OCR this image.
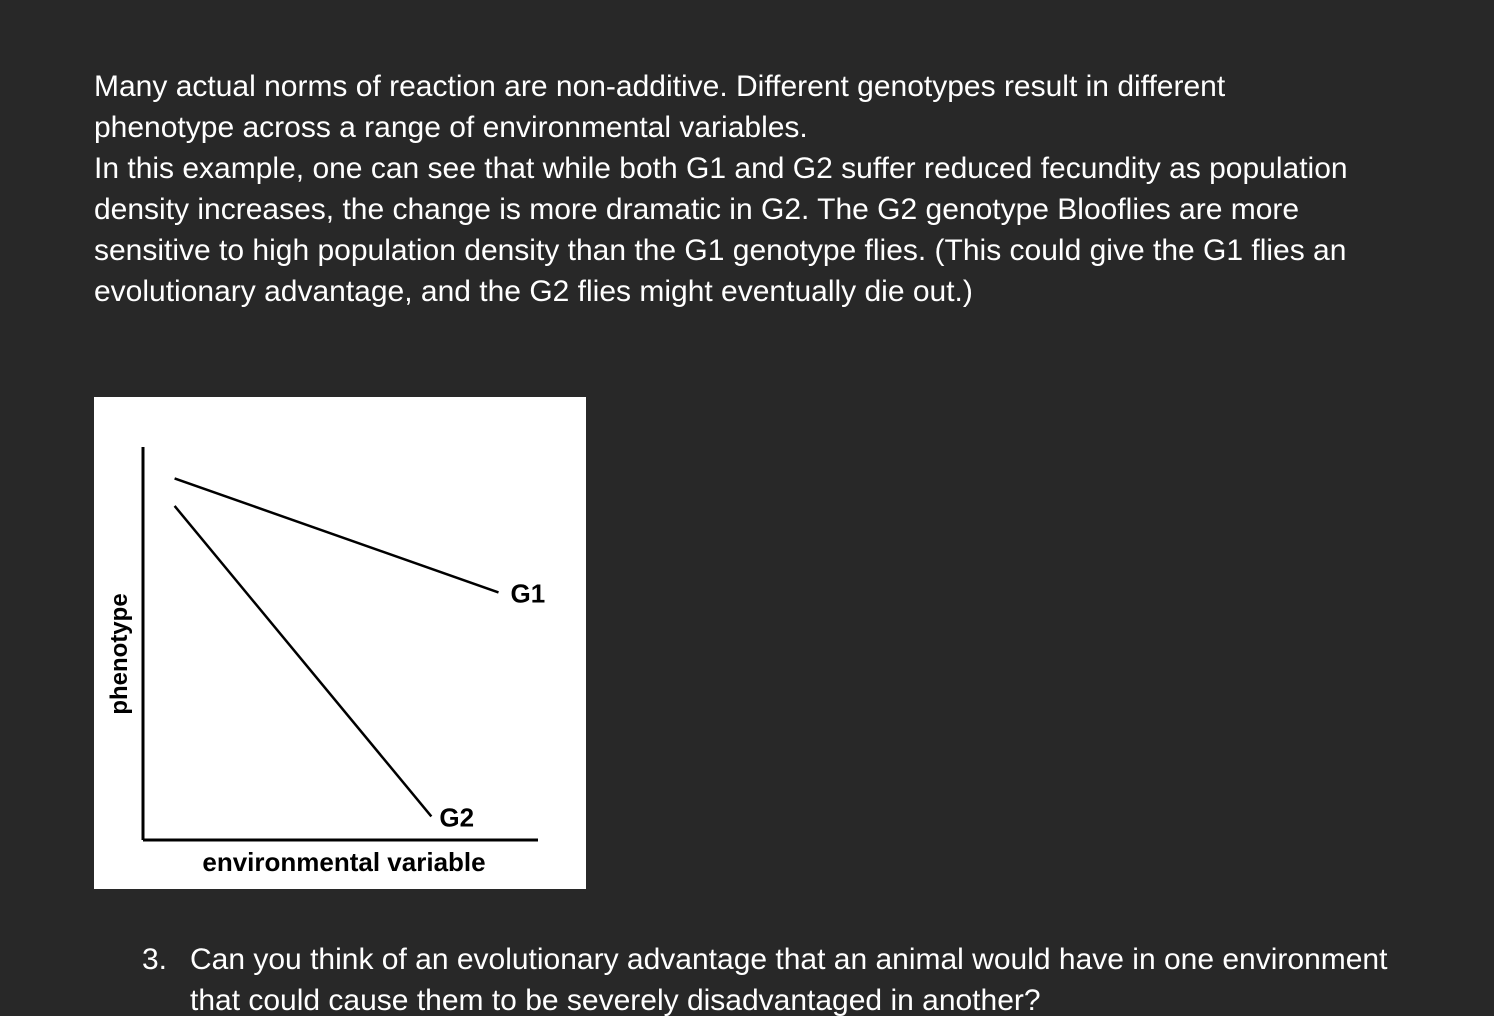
Many actual norms of reaction are non-additive. Different genotypes result in different phenotype across a range of environmental variables.

In this example, one can see that while both G1 and G2 suffer reduced fecundity as population density increases, the change is more dramatic in G2. The G2 genotype Blooflies are more sensitive to high population density than the G1 genotype flies. (This could give the G1 flies an evolutionary advantage, and the G2 flies might eventually die out.)

phenotype
environmental variable
G1
G2
3. Can you think of an evolutionary advantage that an animal would have in one environment that could cause them to be severely disadvantaged in another?
